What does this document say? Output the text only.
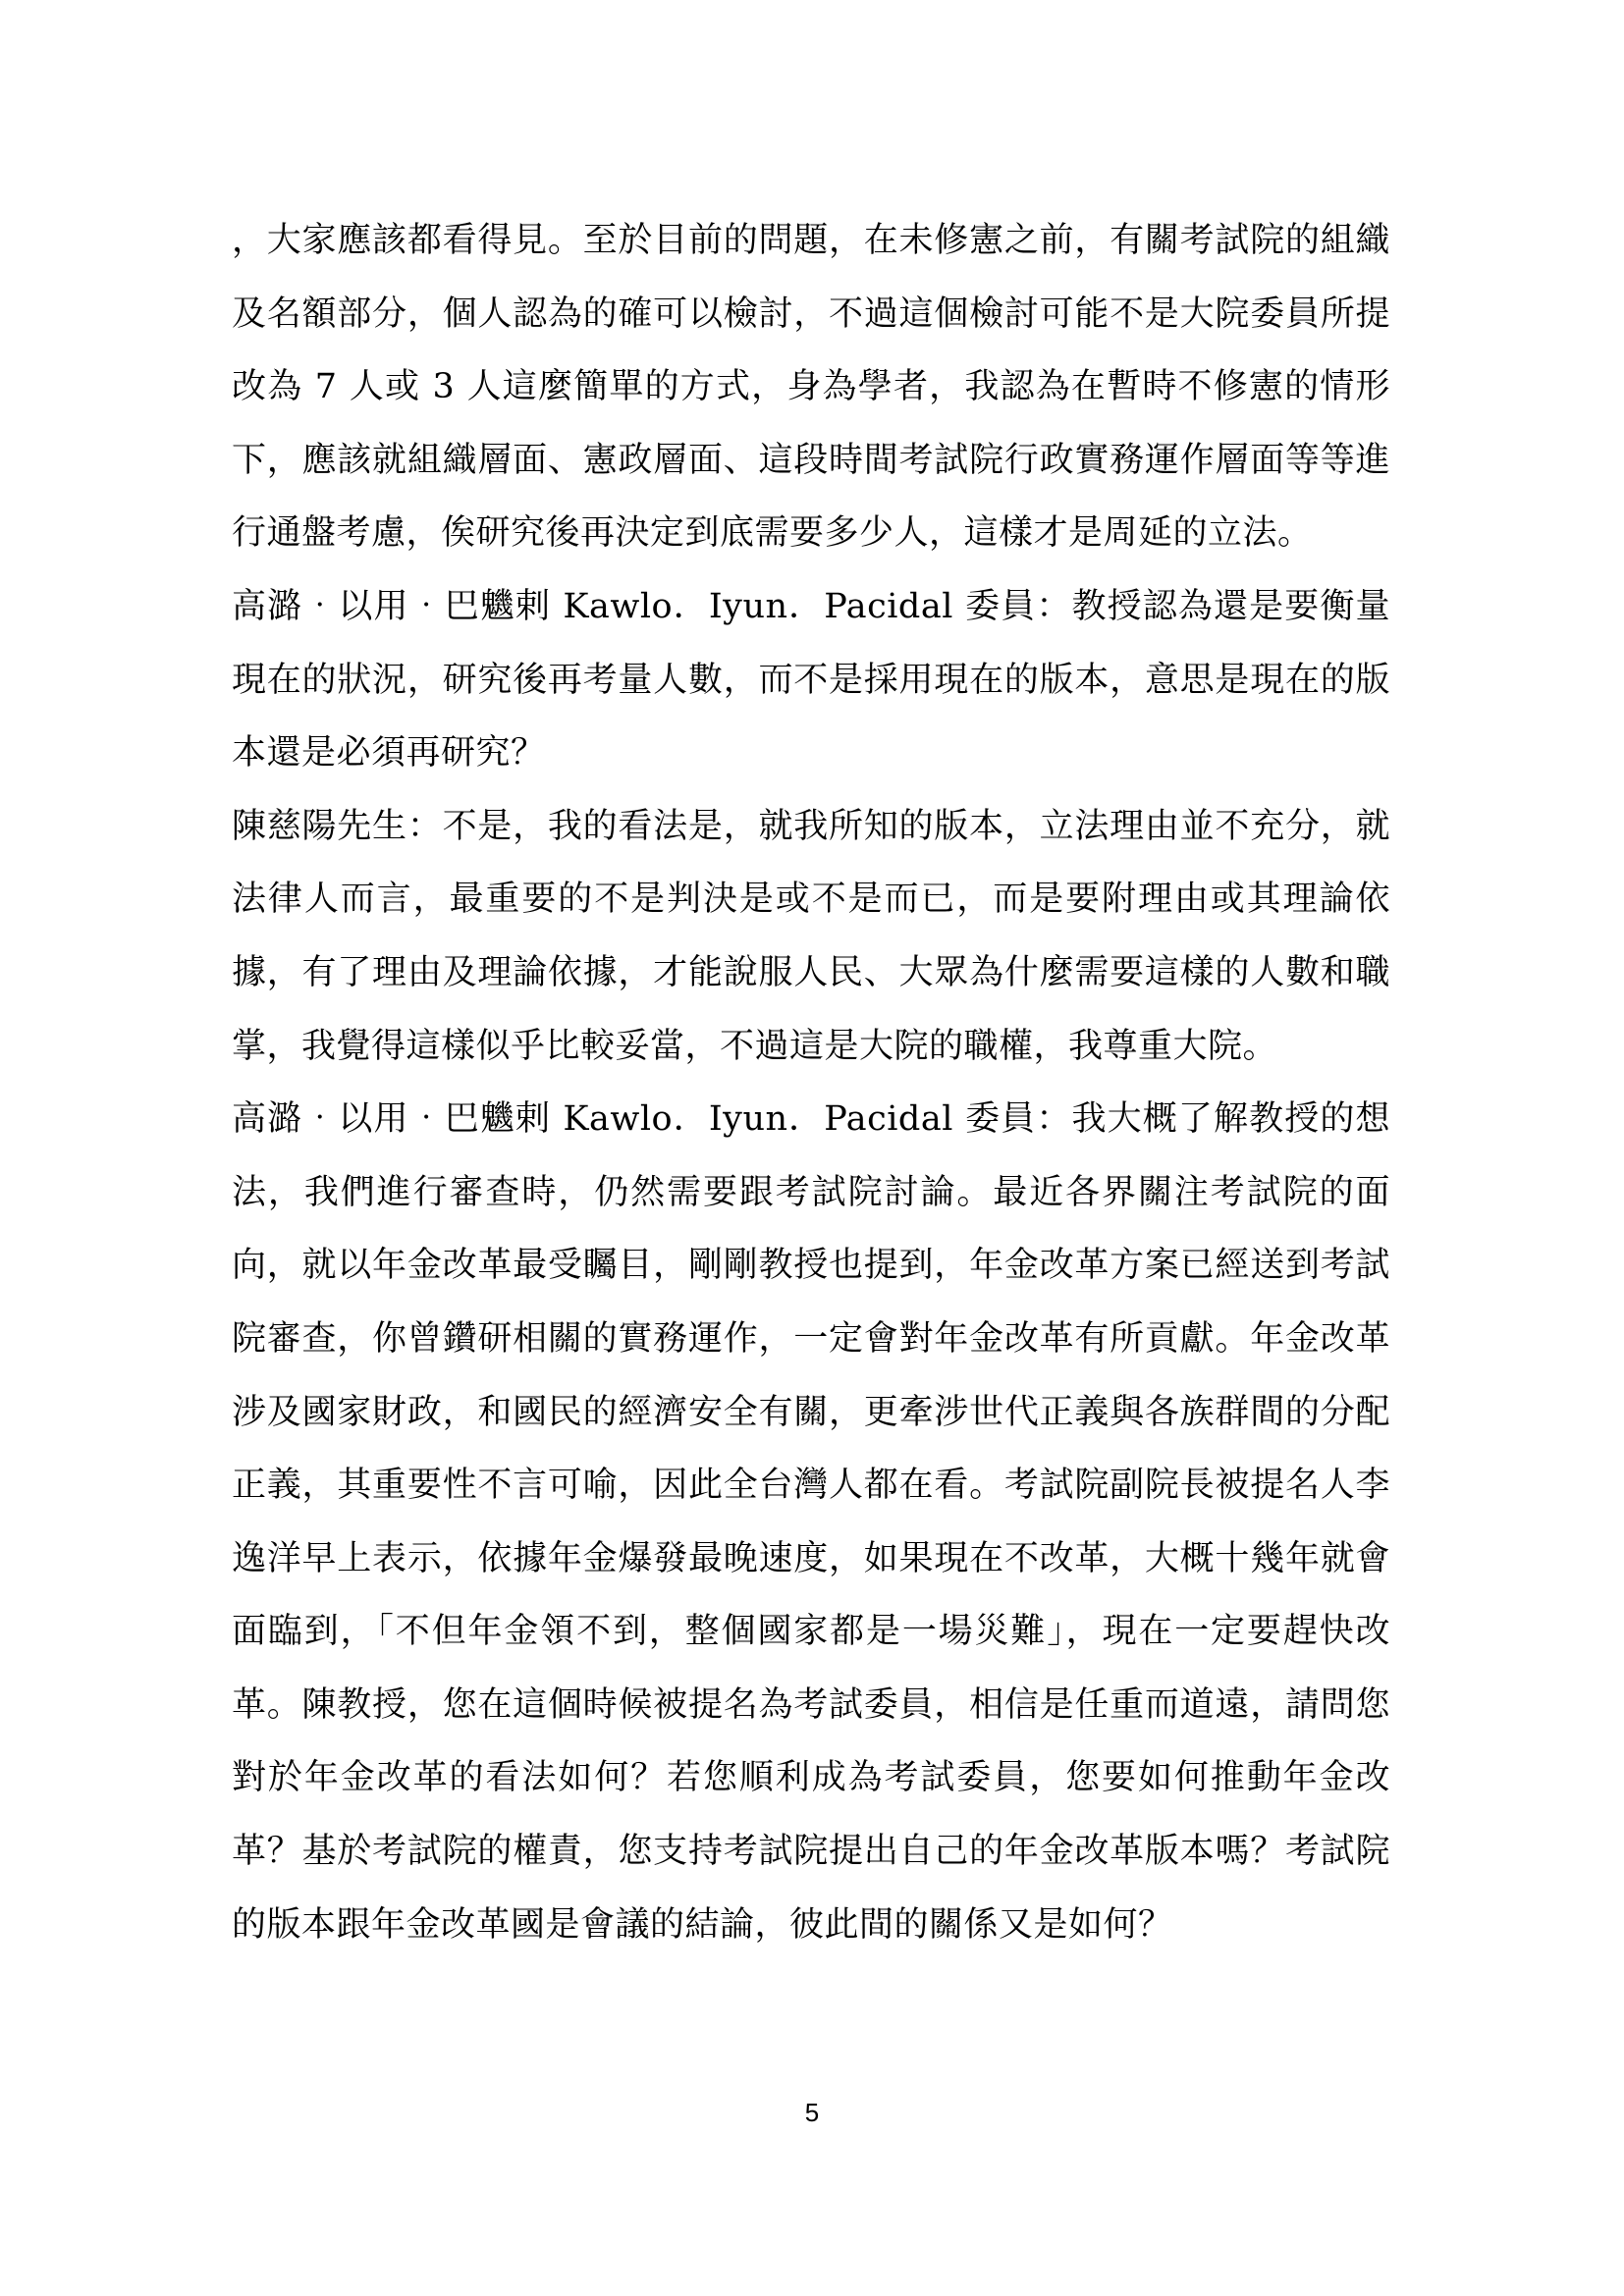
，大家應該都看得見。至於目前的問題，在未修憲之前，有關考試院的組織及名額部分，個人認為的確可以檢討，不過這個檢討可能不是大院委員所提改為 7 人或 3 人這麼簡單的方式，身為學者，我認為在暫時不修憲的情形下，應該就組織層面、憲政層面、這段時間考試院行政實務運作層面等等進行通盤考慮，俟研究後再決定到底需要多少人，這樣才是周延的立法。

高潞‧以用‧巴魕剌 Kawlo．Iyun．Pacidal 委員：教授認為還是要衡量現在的狀況，研究後再考量人數，而不是採用現在的版本，意思是現在的版本還是必須再研究？

陳慈陽先生：不是，我的看法是，就我所知的版本，立法理由並不充分，就法律人而言，最重要的不是判決是或不是而已，而是要附理由或其理論依據，有了理由及理論依據，才能說服人民、大眾為什麼需要這樣的人數和職掌，我覺得這樣似乎比較妥當，不過這是大院的職權，我尊重大院。

高潞‧以用‧巴魕剌 Kawlo．Iyun．Pacidal 委員：我大概了解教授的想法，我們進行審查時，仍然需要跟考試院討論。最近各界關注考試院的面向，就以年金改革最受矚目，剛剛教授也提到，年金改革方案已經送到考試院審查，你曾鑽研相關的實務運作，一定會對年金改革有所貢獻。年金改革涉及國家財政，和國民的經濟安全有關，更牽涉世代正義與各族群間的分配正義，其重要性不言可喻，因此全台灣人都在看。考試院副院長被提名人李逸洋早上表示，依據年金爆發最晚速度，如果現在不改革，大概十幾年就會面臨到，「不但年金領不到，整個國家都是一場災難」，現在一定要趕快改革。陳教授，您在這個時候被提名為考試委員，相信是任重而道遠，請問您對於年金改革的看法如何？若您順利成為考試委員，您要如何推動年金改革？基於考試院的權責，您支持考試院提出自己的年金改革版本嗎？考試院的版本跟年金改革國是會議的結論，彼此間的關係又是如何？

5
